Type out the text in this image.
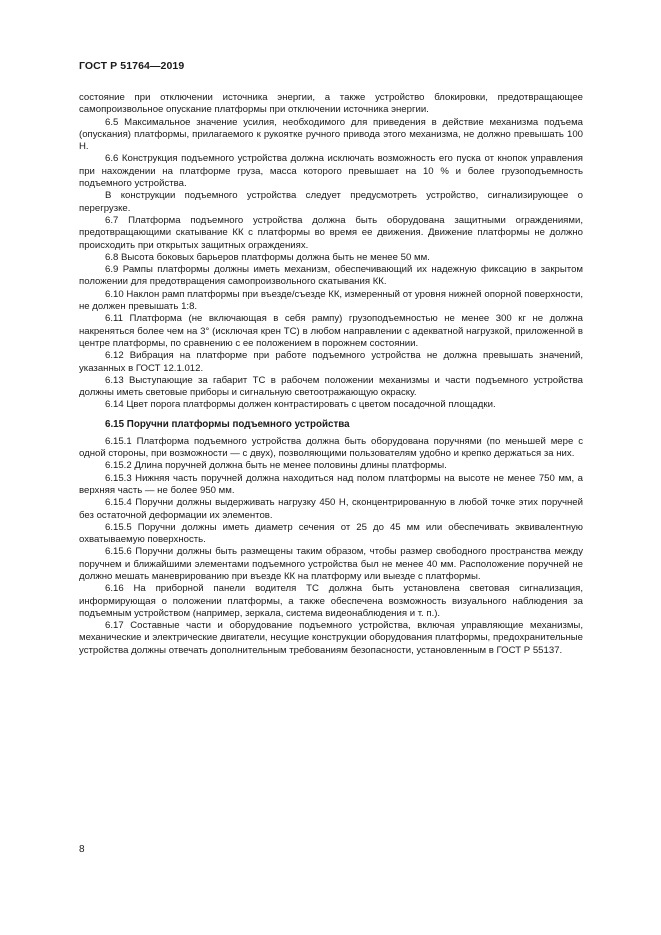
ГОСТ Р 51764—2019

состояние при отключении источника энергии, а также устройство блокировки, предотвращающее самопроизвольное опускание платформы при отключении источника энергии.

6.5 Максимальное значение усилия, необходимого для приведения в действие механизма подъема (опускания) платформы, прилагаемого к рукоятке ручного привода этого механизма, не должно превышать 100 Н.

6.6 Конструкция подъемного устройства должна исключать возможность его пуска от кнопок управления при нахождении на платформе груза, масса которого превышает на 10 % и более грузоподъемность подъемного устройства.

В конструкции подъемного устройства следует предусмотреть устройство, сигнализирующее о перегрузке.

6.7 Платформа подъемного устройства должна быть оборудована защитными ограждениями, предотвращающими скатывание КК с платформы во время ее движения. Движение платформы не должно происходить при открытых защитных ограждениях.

6.8 Высота боковых барьеров платформы должна быть не менее 50 мм.

6.9 Рампы платформы должны иметь механизм, обеспечивающий их надежную фиксацию в закрытом положении для предотвращения самопроизвольного скатывания КК.

6.10 Наклон рамп платформы при въезде/съезде КК, измеренный от уровня нижней опорной поверхности, не должен превышать 1:8.

6.11 Платформа (не включающая в себя рампу) грузоподъемностью не менее 300 кг не должна накреняться более чем на 3° (исключая крен ТС) в любом направлении с адекватной нагрузкой, приложенной в центре платформы, по сравнению с ее положением в порожнем состоянии.

6.12 Вибрация на платформе при работе подъемного устройства не должна превышать значений, указанных в ГОСТ 12.1.012.

6.13 Выступающие за габарит ТС в рабочем положении механизмы и части подъемного устройства должны иметь световые приборы и сигнальную светоотражающую окраску.

6.14 Цвет порога платформы должен контрастировать с цветом посадочной площадки.

6.15 Поручни платформы подъемного устройства

6.15.1 Платформа подъемного устройства должна быть оборудована поручнями (по меньшей мере с одной стороны, при возможности — с двух), позволяющими пользователям удобно и крепко держаться за них.

6.15.2 Длина поручней должна быть не менее половины длины платформы.

6.15.3 Нижняя часть поручней должна находиться над полом платформы на высоте не менее 750 мм, а верхняя часть — не более 950 мм.

6.15.4 Поручни должны выдерживать нагрузку 450 Н, сконцентрированную в любой точке этих поручней без остаточной деформации их элементов.

6.15.5 Поручни должны иметь диаметр сечения от 25 до 45 мм или обеспечивать эквивалентную охватываемую поверхность.

6.15.6 Поручни должны быть размещены таким образом, чтобы размер свободного пространства между поручнем и ближайшими элементами подъемного устройства был не менее 40 мм. Расположение поручней не должно мешать маневрированию при въезде КК на платформу или выезде с платформы.

6.16 На приборной панели водителя ТС должна быть установлена световая сигнализация, информирующая о положении платформы, а также обеспечена возможность визуального наблюдения за подъемным устройством (например, зеркала, система видеонаблюдения и т. п.).

6.17 Составные части и оборудование подъемного устройства, включая управляющие механизмы, механические и электрические двигатели, несущие конструкции оборудования платформы, предохранительные устройства должны отвечать дополнительным требованиям безопасности, установленным в ГОСТ Р 55137.

8
